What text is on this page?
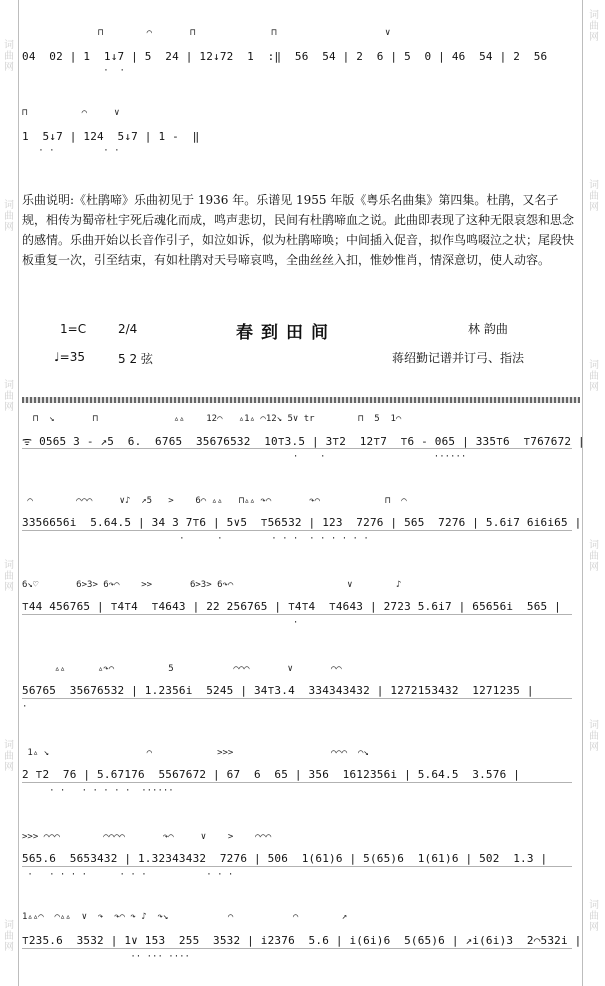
词
曲
网
词
曲
网
词
曲
网
词
曲
网
词
曲
网
词
曲
网
词
曲
网
词
曲
网
词
曲
网
词
曲
网
词
曲
网
词
曲
网
⊓        ⌒       ⊓              ⊓                    ∨
04  02 | 1  1↓7 | 5  24 | 12↓72  1  :‖  56  54 | 2  6 | 5  0 | 46  54 | 2  56
·  ·
⊓          ⌒     ∨
1  5↓7 | 124  5↓7 | 1 -  ‖
· ·         · ·
乐曲说明:《杜鹃啼》乐曲初见于 1936 年。乐谱见 1955 年版《粤乐名曲集》第四集。杜鹃，又名子规，相传为蜀帝杜宇死后魂化而成，鸣声悲切，民间有杜鹃啼血之说。此曲即表现了这种无限哀怨和思念的感情。乐曲开始以长音作引子，如泣如诉，似为杜鹃啼唤；中间插入促音，拟作鸟鸣啜泣之状；尾段快板重复一次，引至结束，有如杜鹃对天号啼哀鸣，全曲丝丝入扣，惟妙惟肖，情深意切，使人动容。
1=C	2/4	春到田间	林 韵曲
♩=35	5 2 弦	蒋绍勤记谱并订弓、指法
⊓  ↘       ⊓              ▵▵    12⌒   ▵1▵ ⌒12↘ 5∨ tr        ⊓  5  1⌒
ᯤ 0565 3 - ↗5  6.  6765  35676532  10⊤3.5 | 3⊤2  12⊤7  ⊤6 - 065 | 335⊤6  ⊤767672 |
·    ·                    ······
⌒        ⌒⌒⌒     ∨♪  ↗5   >    6⌒ ▵▵   ⊓▵▵ ↷⌒       ↷⌒            ⊓  ⌒
3356656i  5.64.5 | 34 3 7⊤6 | 5∨5  ⊤56532 | 123  7276 | 565  7276 | 5.6i7 6i6i65 |
·      ·         · · ·  · · · · · ·
6↘♡       6>3> 6↷⌒    >>       6>3> 6↷⌒                     ∨        ♪
⊤44 456765 | ⊤4⊤4  ⊤4643 | 22 256765 | ⊤4⊤4  ⊤4643 | 2723 5.6i7 | 65656i  565 |
·
▵▵      ▵↷⌒          5           ⌒⌒⌒       ∨       ⌒⌒
56765  35676532 | 1.2356i  5245 | 34⊤3.4  334343432 | 1272153432  1271235 |
·
1▵ ↘                  ⌒            >>>                  ⌒⌒⌒  ⌒↘
2 ⊤2  76 | 5.67176  5567672 | 67  6  65 | 356  1612356i | 5.64.5  3.576 |
· ·   · · · · ·  ······
>>> ⌒⌒⌒        ⌒⌒⌒⌒       ↷⌒     ∨    >    ⌒⌒⌒
565.6  5653432 | 1.32343432  7276 | 506  1(61)6 | 5(65)6  1(61)6 | 502  1.3 |
·   · · · ·      · · ·           · · ·
1▵▵⌒  ⌒▵▵  ∨  ↷  ↷⌒ ↷ ♪  ↷↘           ⌒           ⌒        ↗
⊤235.6  3532 | 1∨ 153  255  3532 | i2376  5.6 | i(6i)6  5(65)6 | ↗i(6i)3  2⌒532i |
·· ··· ····
